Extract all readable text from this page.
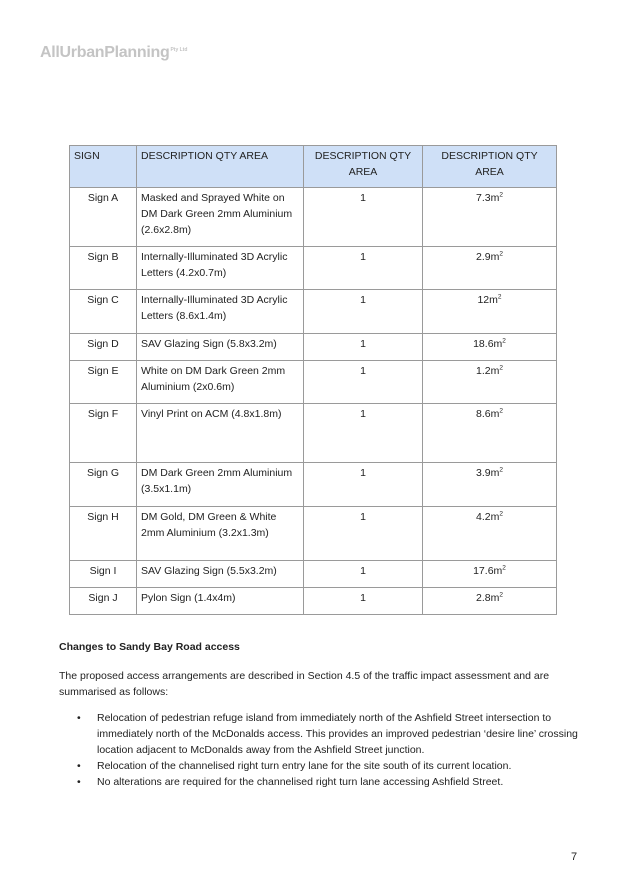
AllUrbanPlanning$^{Pty Ltd}$
SIGN	DESCRIPTION QTY AREA	DESCRIPTION QTY AREA	DESCRIPTION QTY AREA
Sign A	Masked and Sprayed White on DM Dark Green 2mm Aluminium (2.6x2.8m)	1	$7.3m^2$
Sign B	Internally-Illuminated 3D Acrylic Letters (4.2x0.7m)	1	$2.9m^2$
Sign C	Internally-Illuminated 3D Acrylic Letters (8.6x1.4m)	1	$12m^2$
Sign D	SAV Glazing Sign (5.8x3.2m)	1	$18.6m^2$
Sign E	White on DM Dark Green 2mm Aluminium (2x0.6m)	1	$1.2m^2$
Sign F	Vinyl Print on ACM (4.8x1.8m)	1	$8.6m^2$
Sign G	DM Dark Green 2mm Aluminium (3.5x1.1m)	1	$3.9m^2$
Sign H	DM Gold, DM Green & White 2mm Aluminium (3.2x1.3m)	1	$4.2m^2$
Sign I	SAV Glazing Sign (5.5x3.2m)	1	$17.6m^2$
Sign J	Pylon Sign (1.4x4m)	1	$2.8m^2$
Changes to Sandy Bay Road access

The proposed access arrangements are described in Section 4.5 of the traffic impact assessment and are summarised as follows:

• Relocation of pedestrian refuge island from immediately north of the Ashfield Street intersection to immediately north of the McDonalds access. This provides an improved pedestrian ‘desire line’ crossing location adjacent to McDonalds away from the Ashfield Street junction.
• Relocation of the channelised right turn entry lane for the site south of its current location.
• No alterations are required for the channelised right turn lane accessing Ashfield Street.
7
